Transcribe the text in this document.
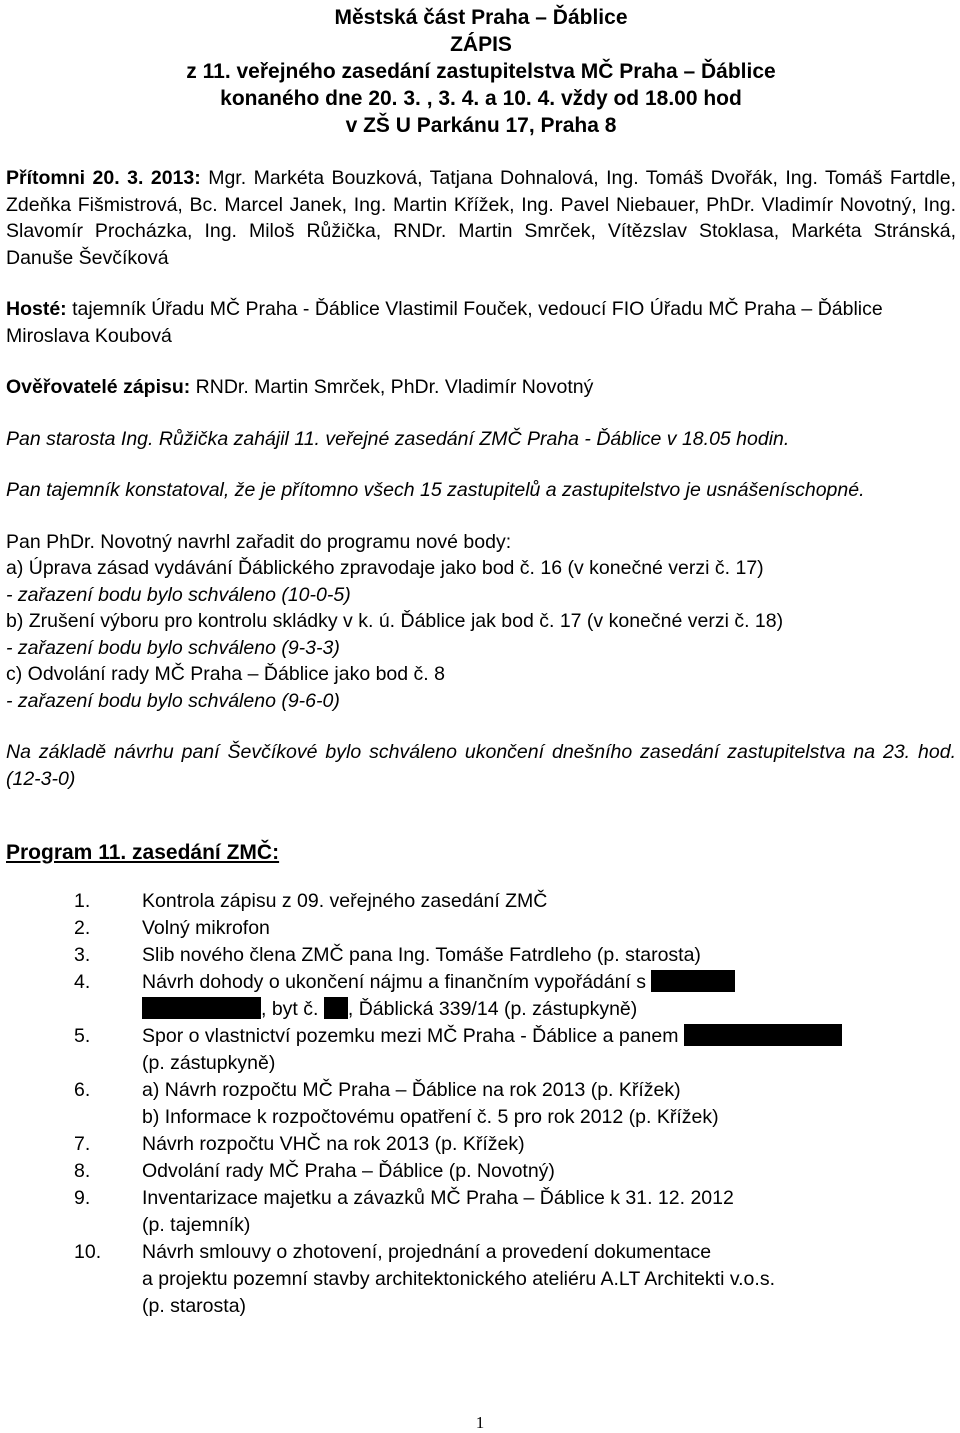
Městská část Praha – Ďáblice
ZÁPIS
z 11. veřejného zasedání zastupitelstva MČ Praha – Ďáblice
konaného dne 20. 3. , 3. 4. a 10. 4. vždy od 18.00 hod
v ZŠ U Parkánu 17, Praha 8
Přítomni 20. 3. 2013: Mgr. Markéta Bouzková, Tatjana Dohnalová, Ing. Tomáš Dvořák, Ing. Tomáš Fartdle, Zdeňka Fišmistrová, Bc. Marcel Janek, Ing. Martin Křížek, Ing. Pavel Niebauer, PhDr. Vladimír Novotný, Ing. Slavomír Procházka, Ing. Miloš Růžička, RNDr. Martin Smrček, Vítězslav Stoklasa, Markéta Stránská, Danuše Ševčíková
Hosté: tajemník Úřadu MČ Praha - Ďáblice Vlastimil Fouček, vedoucí FIO Úřadu MČ Praha – Ďáblice Miroslava Koubová
Ověřovatelé zápisu: RNDr. Martin Smrček, PhDr. Vladimír Novotný
Pan starosta Ing. Růžička zahájil 11. veřejné zasedání ZMČ Praha - Ďáblice v 18.05 hodin.
Pan tajemník konstatoval, že je přítomno všech 15 zastupitelů a zastupitelstvo je usnášeníschopné.
Pan PhDr. Novotný navrhl zařadit do programu nové body:
a) Úprava zásad vydávání Ďáblického zpravodaje jako bod č. 16 (v konečné verzi č. 17)
- zařazení bodu bylo schváleno (10-0-5)
b) Zrušení výboru pro kontrolu skládky v k. ú. Ďáblice jak bod č. 17 (v konečné verzi č. 18)
- zařazení bodu bylo schváleno (9-3-3)
c) Odvolání rady MČ Praha – Ďáblice jako bod č. 8
- zařazení bodu bylo schváleno (9-6-0)
Na základě návrhu paní Ševčíkové bylo schváleno ukončení dnešního zasedání zastupitelstva na 23. hod. (12-3-0)
Program 11. zasedání ZMČ:
1.	Kontrola zápisu z 09. veřejného zasedání ZMČ
2.	Volný mikrofon
3.	Slib nového člena ZMČ pana Ing. Tomáše Fatrdleho (p. starosta)
4.	Návrh dohody o ukončení nájmu a finančním vypořádání s
, byt č. , Ďáblická 339/14 (p. zástupkyně)
5.	Spor o vlastnictví pozemku mezi MČ Praha - Ďáblice a panem
(p. zástupkyně)
6.	a) Návrh rozpočtu MČ Praha – Ďáblice na rok 2013 (p. Křížek)
b) Informace k rozpočtovému opatření č. 5 pro rok 2012 (p. Křížek)
7.	Návrh rozpočtu VHČ na rok 2013 (p. Křížek)
8.	Odvolání rady MČ Praha – Ďáblice (p. Novotný)
9.	Inventarizace majetku a závazků MČ Praha – Ďáblice k 31. 12. 2012
(p. tajemník)
10. Návrh smlouvy o zhotovení, projednání a provedení dokumentace
a projektu pozemní stavby architektonického ateliéru A.LT Architekti v.o.s.
(p. starosta)
1
